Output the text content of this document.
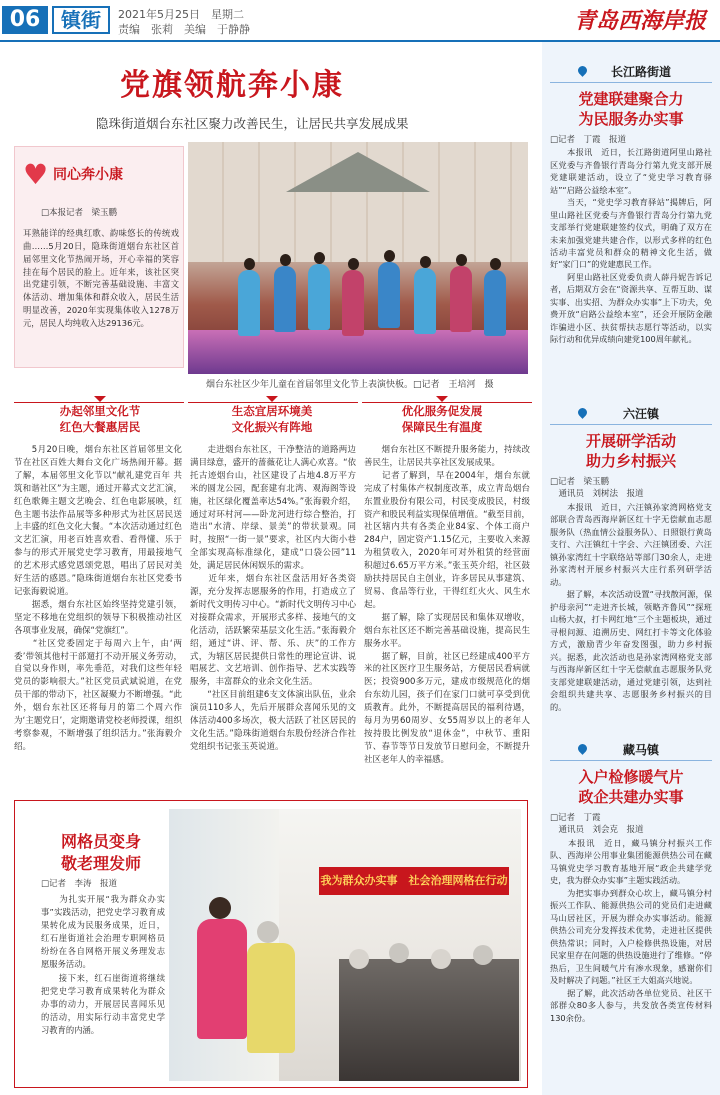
06	镇街	2021年5月25日　星期二
责编　张莉　美编　于静静	青岛西海岸报
党旗领航奔小康
隐珠街道烟台东社区聚力改善民生，让居民共享发展成果
♥ 同心奔小康
□本报记者　梁玉鹏
耳熟能详的经典红歌、韵味悠长的传统戏曲……5月20日，隐珠街道烟台东社区首届邻里文化节热闹开场，开心幸福的笑容挂在每个居民的脸上。近年来，该社区突出党建引领，不断完善基础设施、丰富文体活动、增加集体和群众收入，居民生活明显改善，2020年实现集体收入1278万元，居民人均纯收入达29136元。
烟台东社区少年儿童在首届邻里文化节上表演快板。□记者　王培河　摄
办起邻里文化节
红色大餐惠居民
生态宜居环境美
文化振兴有阵地
优化服务促发展
保障民生有温度
　　5月20日晚，烟台东社区首届邻里文化节在社区百姓大舞台文化广场热闹开幕。据了解，本届邻里文化节以“献礼建党百年 共筑和谐社区”为主题，通过开幕式文艺汇演，红色歌舞主题文艺晚会、红色电影展映，红色主题书法作品展等多种形式为社区居民送上丰盛的红色文化大餐。“本次活动通过红色文艺汇演，用老百姓喜欢看、看得懂、乐于参与的形式开展党史学习教育，用最接地气的艺术形式感党恩颂党恩，唱出了居民对美好生活的感恩。”隐珠街道烟台东社区党委书记张海毅说道。
　　据悉，烟台东社区始终坚持党建引领，坚定不移地在党组织的领导下积极推动社区各项事业发展，确保“党旗红”。
　　“社区党委固定于每周六上午，由‘两委’带领其他村干部遛打不动开展义务劳动，自觉以身作则，率先垂范，对我们这些年轻党员的影响很大。”社区党员武斌说道，在党员干部的带动下，社区凝聚力不断增强。“此外，烟台东社区还将每月的第二个周六作为‘主题党日’，定期邀请党校老师授课，组织考察参观，不断增强了组织活力。”张海毅介绍。
　　走进烟台东社区，干净整洁的道路两边满目绿意，盛开的蔷薇花让人满心欢喜。“依托古迹烟台山，社区建设了占地4.8万平方米的圆龙公园，配套建有北湾、观海阁等设施，社区绿化覆盖率达54%。”张海毅介绍，通过对环村河——卧龙河进行综合整治，打造出“水清、岸绿、景美”的带状景观。同时，按照“一街一景”要求，社区内大街小巷全部实现高标准绿化，建成“口袋公园”11处，满足居民休闲娱乐的需求。
　　近年来，烟台东社区盘活用好各类资源，充分发挥志愿服务的作用，打造成立了新时代文明传习中心。“新时代文明传习中心对接群众需求，开展形式多样、接地气的文化活动，活跃繁荣基层文化生活。”张海毅介绍，通过“讲、评、帮、乐、庆”的工作方式，为辖区居民提供日常性的理论宣讲、说唱展艺、文艺培训、创作指导、艺术实践等服务，丰富群众的业余文化生活。
　　“社区目前组建6支文体演出队伍，业余演员110多人，先后开展群众喜闻乐见的文体活动400多场次，极大活跃了社区居民的文化生活。”隐珠街道烟台东股份经济合作社党组织书记张玉英说道。
　　烟台东社区不断提升服务能力，持续改善民生，让居民共享社区发展成果。
　　记者了解到，早在2004年，烟台东就完成了村集体产权制度改革，成立青岛烟台东置业股份有限公司，村民变成股民，村级资产和股民利益实现保值增值。“截至目前，社区辖内共有各类企业84家、个体工商户284户，固定资产1.15亿元，主要收入来源为租赁收入，2020年可对外租赁的经营面积超过6.65万平方米。”张玉英介绍，社区鼓励扶持居民自主创业，许多居民从事建筑、贸易、食品等行业，干得红红火火、风生水起。
　　据了解，除了实现居民和集体双增收，烟台东社区还不断完善基础设施，提高民生服务水平。
　　据了解，目前，社区已经建成400平方米的社区医疗卫生服务站，方便居民看病就医；投资900多万元，建成市级规范化的烟台东幼儿园，孩子们在家门口就可享受到优质教育。此外，不断提高居民的福利待遇，每月为男60周岁、女55周岁以上的老年人按持股比例发放“退休金”，中秋节、重阳节、春节等节日发放节日慰问金，不断提升社区老年人的幸福感。
长江路街道
党建联建聚合力
为民服务办实事
□记者　丁霞　报道
　　本报讯　近日，长江路街道阿里山路社区党委与齐鲁银行青岛分行第九党支部开展党建联建活动，设立了“党史学习教育驿站”“启路公益绘本室”。
　　当天，“党史学习教育驿站”揭牌后，阿里山路社区党委与齐鲁银行青岛分行第九党支部举行党建联建签约仪式，明确了双方在未来加强党建共建合作，以形式多样的红色活动丰富党员和群众的精神文化生活，做好“家门口”的党建惠民工作。
　　阿里山路社区党委负责人薛丹妮告诉记者，后期双方会在“资源共享、互帮互助、谋实事、出实招、为群众办实事”上下功夫，免费开放“启路公益绘本室”，还会开展防金融诈骗进小区、扶贫帮扶志愿行等活动，以实际行动和优异成绩向建党100周年献礼。
六汪镇
开展研学活动
助力乡村振兴
□记者　梁玉鹏
　通讯员　刘树法　报道
　　本报讯　近日，六汪镇孙家湾网格党支部联合青岛西海岸新区红十字无偿献血志愿服务队（热血情公益服务队）、日照银行黄岛支行、六汪镇红十字会、六汪镇团委、六汪镇孙家湾红十字联络站等部门30余人，走进孙家湾村开展乡村振兴大庄行系列研学活动。
　　据了解，本次活动设置“寻找散河源，保护母亲河”“走进齐长城，领略齐鲁风”“探班山杨大叔，打卡网红地”三个主题板块，通过寻根问源、追溯历史、网红打卡等文化体验方式，激励青少年奋发图强，助力乡村振兴。据悉，此次活动也是孙家湾网格党支部与西海岸新区红十字无偿献血志愿服务队党支部党建联建活动，通过党建引领，达到社会组织共建共享、志愿服务乡村振兴的目的。
藏马镇
入户检修暖气片
政企共建办实事
□记者　丁霞
　通讯员　刘会克　报道
　　本报讯　近日，藏马镇分村振兴工作队、西海岸公用事业集团能源供热公司在藏马镇党史学习教育基地开展“政企共建学党史，我为群众办实事”主题实践活动。
　　为把实事办到群众心坎上，藏马镇分村振兴工作队、能源供热公司的党员们走进藏马山居社区，开展为群众办实事活动。能源供热公司充分发挥技术优势，走进社区提供供热常识；同时，入户检修供热设施，对居民家里存在问题的供热设施进行了维修。“停热后，卫生间暖气片有渗水现象，感谢你们及时解决了问题。”社区王大姐高兴地说。
　　据了解，此次活动各单位党员、社区干部群众80多人参与，共发放各类宣传材料130余份。
网格员变身
敬老理发师
□记者　李涛　报道
　　为扎实开展“我为群众办实事”实践活动，把党史学习教育成果转化成为民服务成果，近日，红石崖街道社会治理专职网格员纷纷在各自网格开展义务理发志愿服务活动。
　　接下来，红石崖街道将继续把党史学习教育成果转化为群众办事的动力，开展居民喜闻乐见的活动，用实际行动丰富党史学习教育的内涵。
我为群众办实事　社会治理网格在行动
